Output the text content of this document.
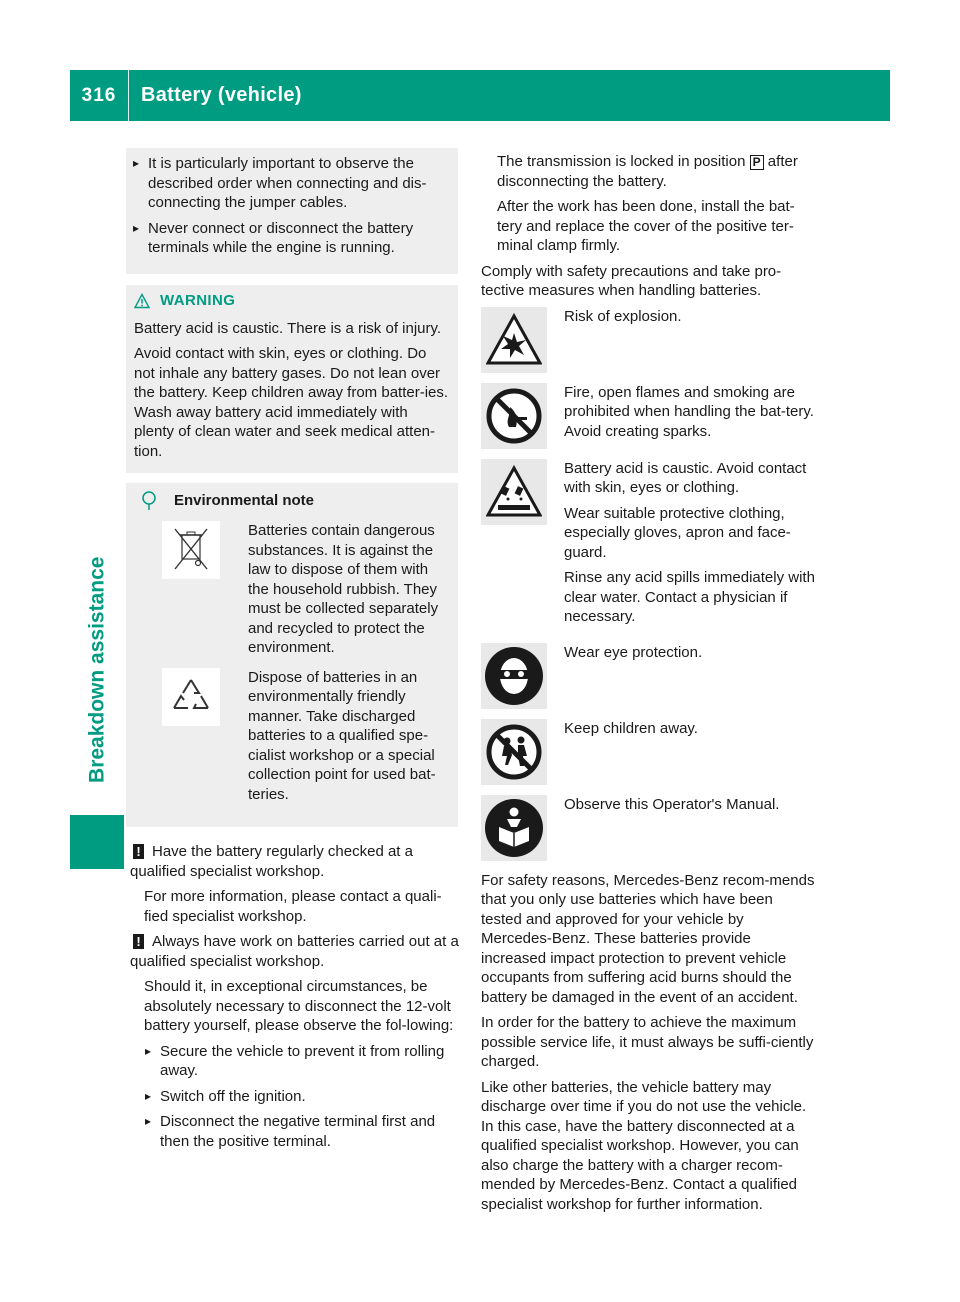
316	Battery (vehicle)
Breakdown assistance
▸ It is particularly important to observe the described order when connecting and dis-connecting the jumper cables.
▸ Never connect or disconnect the battery terminals while the engine is running.
WARNING

Battery acid is caustic. There is a risk of injury.

Avoid contact with skin, eyes or clothing. Do not inhale any battery gases. Do not lean over the battery. Keep children away from batter-ies. Wash away battery acid immediately with plenty of clean water and seek medical atten-tion.

Environmental note
Batteries contain dangerous substances. It is against the law to dispose of them with the household rubbish. They must be collected separately and recycled to protect the environment.
Dispose of batteries in an environmentally friendly manner. Take discharged batteries to a qualified spe-cialist workshop or a special collection point for used bat-teries.
! Have the battery regularly checked at a qualified specialist workshop.

For more information, please contact a quali-fied specialist workshop.

! Always have work on batteries carried out at a qualified specialist workshop.

Should it, in exceptional circumstances, be absolutely necessary to disconnect the 12-volt battery yourself, please observe the fol-lowing:

▸ Secure the vehicle to prevent it from rolling away.
▸ Switch off the ignition.
▸ Disconnect the negative terminal first and then the positive terminal.

The transmission is locked in position P after disconnecting the battery.

After the work has been done, install the bat-tery and replace the cover of the positive ter-minal clamp firmly.

Comply with safety precautions and take pro-tective measures when handling batteries.

Risk of explosion.
Fire, open flames and smoking are prohibited when handling the bat-tery. Avoid creating sparks.

Battery acid is caustic. Avoid contact with skin, eyes or clothing.

Wear suitable protective clothing, especially gloves, apron and face-guard.

Rinse any acid spills immediately with clear water. Contact a physician if necessary.

Wear eye protection.
Keep children away.
Observe this Operator's Manual.

For safety reasons, Mercedes-Benz recom-mends that you only use batteries which have been tested and approved for your vehicle by Mercedes-Benz. These batteries provide increased impact protection to prevent vehicle occupants from suffering acid burns should the battery be damaged in the event of an accident.

In order for the battery to achieve the maximum possible service life, it must always be suffi-ciently charged.

Like other batteries, the vehicle battery may discharge over time if you do not use the vehicle. In this case, have the battery disconnected at a qualified specialist workshop. However, you can also charge the battery with a charger recom-mended by Mercedes-Benz. Contact a qualified specialist workshop for further information.
